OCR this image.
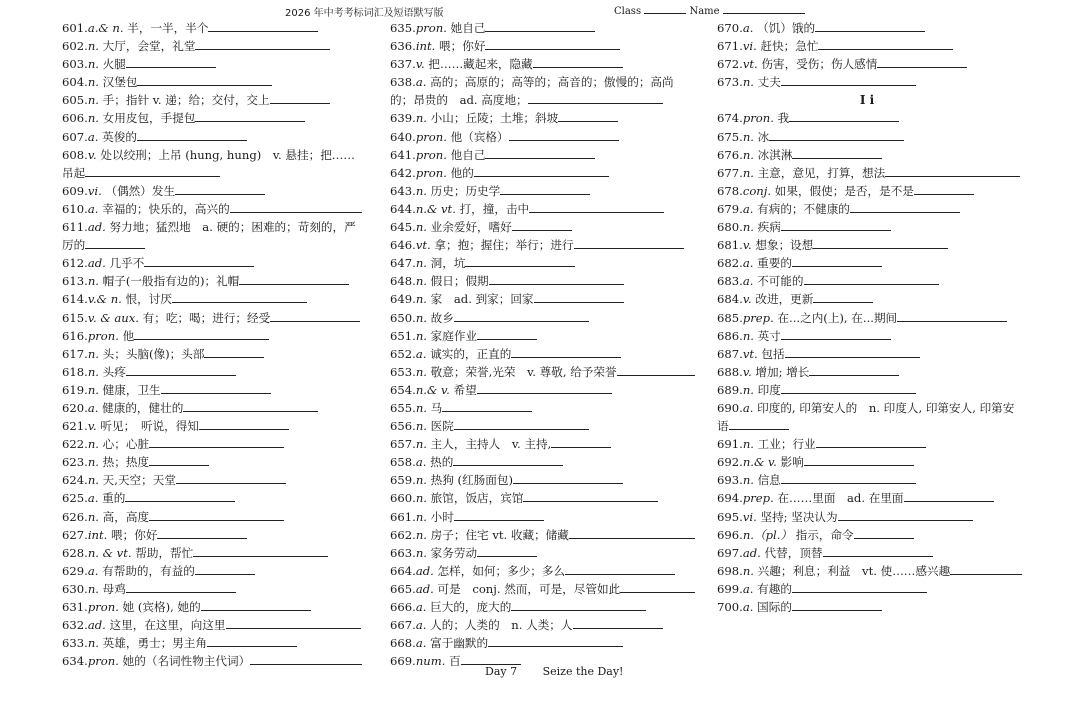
2026 年中考考标词汇及短语默写版	Class	Name
601.a.& n. 半，一半，半个
602.n. 大厅，会堂，礼堂
603.n. 火腿
604.n. 汉堡包
605.n. 手；指针 v. 递；给；交付，交上
606.n. 女用皮包，手提包
607.a. 英俊的
608.v. 处以绞刑；上吊 (hung, hung)　v. 悬挂；把……吊起
609.vi. （偶然）发生
610.a. 幸福的；快乐的，高兴的
611.ad. 努力地；猛烈地　a. 硬的；困难的；苛刻的，严厉的
612.ad. 几乎不
613.n. 帽子(一般指有边的)；礼帽
614.v.& n. 恨，讨厌
615.v. & aux. 有；吃；喝；进行；经受
616.pron. 他
617.n. 头；头脑(像)；头部
618.n. 头疼
619.n. 健康，卫生
620.a. 健康的，健壮的
621.v. 听见；　听说，得知
622.n. 心；心脏
623.n. 热；热度
624.n. 天,天空；天堂
625.a. 重的
626.n. 高，高度
627.int. 喂；你好
628.n. & vt. 帮助，帮忙
629.a. 有帮助的，有益的
630.n. 母鸡
631.pron. 她 (宾格), 她的
632.ad. 这里，在这里，向这里
633.n. 英雄，勇士；男主角
634.pron. 她的（名词性物主代词）
635.pron. 她自己
636.int. 喂；你好
637.v. 把……藏起来，隐藏
638.a. 高的；高原的；高等的；高音的；傲慢的；高尚的；昂贵的　ad. 高度地；
639.n. 小山；丘陵；土堆；斜坡
640.pron. 他（宾格）
641.pron. 他自己
642.pron. 他的
643.n. 历史；历史学
644.n.& vt. 打，撞，击中
645.n. 业余爱好，嗜好
646.vt. 拿；抱；握住；举行；进行
647.n. 洞，坑
648.n. 假日；假期
649.n. 家　ad. 到家；回家
650.n. 故乡
651.n. 家庭作业
652.a. 诚实的，正直的
653.n. 敬意；荣誉,光荣　v. 尊敬, 给予荣誉
654.n.& v. 希望
655.n. 马
656.n. 医院
657.n. 主人，主持人　v. 主持,
658.a. 热的
659.n. 热狗 (红肠面包)
660.n. 旅馆，饭店，宾馆
661.n. 小时
662.n. 房子；住宅 vt. 收藏；储藏
663.n. 家务劳动
664.ad. 怎样，如何；多少；多么
665.ad. 可是　conj. 然而，可是，尽管如此
666.a. 巨大的，庞大的
667.a. 人的；人类的　n. 人类；人
668.a. 富于幽默的
669.num. 百
670.a. （饥）饿的
671.vi. 赶快；急忙
672.vt. 伤害，受伤；伤人感情
673.n. 丈夫
I i
674.pron. 我
675.n. 冰
676.n. 冰淇淋
677.n. 主意，意见，打算，想法
678.conj. 如果，假使；是否，是不是
679.a. 有病的；不健康的
680.n. 疾病
681.v. 想象；设想
682.a. 重要的
683.a. 不可能的
684.v. 改进，更新
685.prep. 在...之内(上), 在...期间
686.n. 英寸
687.vt. 包括
688.v. 增加; 增长
689.n. 印度
690.a. 印度的, 印第安人的　n. 印度人, 印第安人, 印第安语
691.n. 工业；行业
692.n.& v. 影响
693.n. 信息
694.prep. 在……里面　ad. 在里面
695.vi. 坚持; 坚决认为
696.n.（pl.） 指示，命令
697.ad. 代替，顶替
698.n. 兴趣；利息；利益　vt. 使……感兴趣
699.a. 有趣的
700.a. 国际的
Day 7 Seize the Day!
